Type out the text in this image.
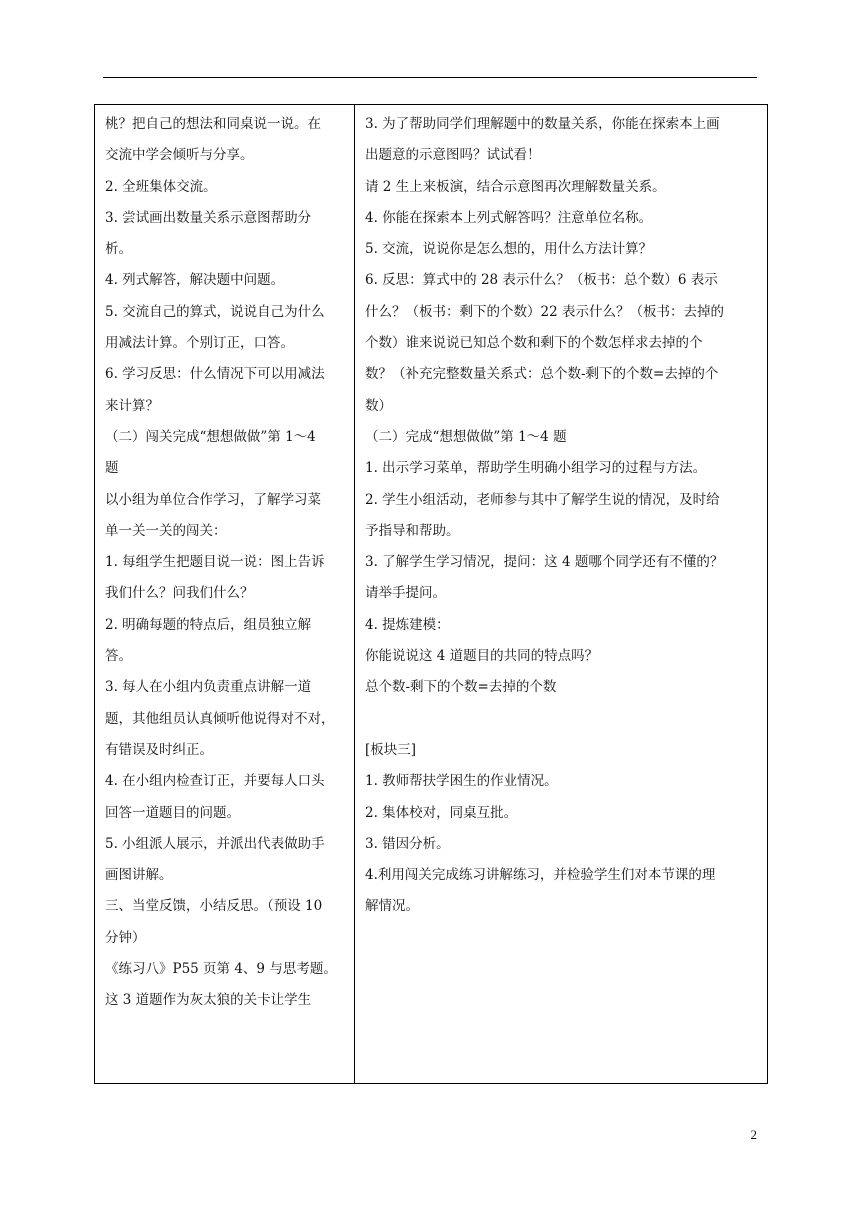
桃？把自己的想法和同桌说一说。在
交流中学会倾听与分享。
2. 全班集体交流。
3. 尝试画出数量关系示意图帮助分
析。
4. 列式解答，解决题中问题。
5. 交流自己的算式，说说自己为什么
用减法计算。个别订正，口答。
6. 学习反思：什么情况下可以用减法
来计算？
（二）闯关完成“想想做做”第 1～4
题
以小组为单位合作学习，了解学习菜
单一关一关的闯关：
1. 每组学生把题目说一说：图上告诉
我们什么？问我们什么？
2. 明确每题的特点后，组员独立解
答。
3. 每人在小组内负责重点讲解一道
题，其他组员认真倾听他说得对不对，
有错误及时纠正。
4. 在小组内检查订正，并要每人口头
回答一道题目的问题。
5. 小组派人展示，并派出代表做助手
画图讲解。
三、当堂反馈，小结反思。（预设 10
分钟）
《练习八》P55 页第 4、9 与思考题。
这 3 道题作为灰太狼的关卡让学生

3. 为了帮助同学们理解题中的数量关系，你能在探索本上画
出题意的示意图吗？试试看！
请 2 生上来板演，结合示意图再次理解数量关系。
4. 你能在探索本上列式解答吗？注意单位名称。
5. 交流，说说你是怎么想的，用什么方法计算？
6. 反思：算式中的 28 表示什么？（板书：总个数）6 表示
什么？（板书：剩下的个数）22 表示什么？（板书：去掉的
个数）谁来说说已知总个数和剩下的个数怎样求去掉的个
数？（补充完整数量关系式：总个数-剩下的个数=去掉的个
数）
（二）完成“想想做做”第 1～4 题
1. 出示学习菜单，帮助学生明确小组学习的过程与方法。
2. 学生小组活动，老师参与其中了解学生说的情况，及时给
予指导和帮助。
3. 了解学生学习情况，提问：这 4 题哪个同学还有不懂的？
请举手提问。
4. 提炼建模：
你能说说这 4 道题目的共同的特点吗？
总个数-剩下的个数=去掉的个数
[板块三]
1. 教师帮扶学困生的作业情况。
2. 集体校对，同桌互批。
3. 错因分析。
4.利用闯关完成练习讲解练习，并检验学生们对本节课的理
解情况。
2
